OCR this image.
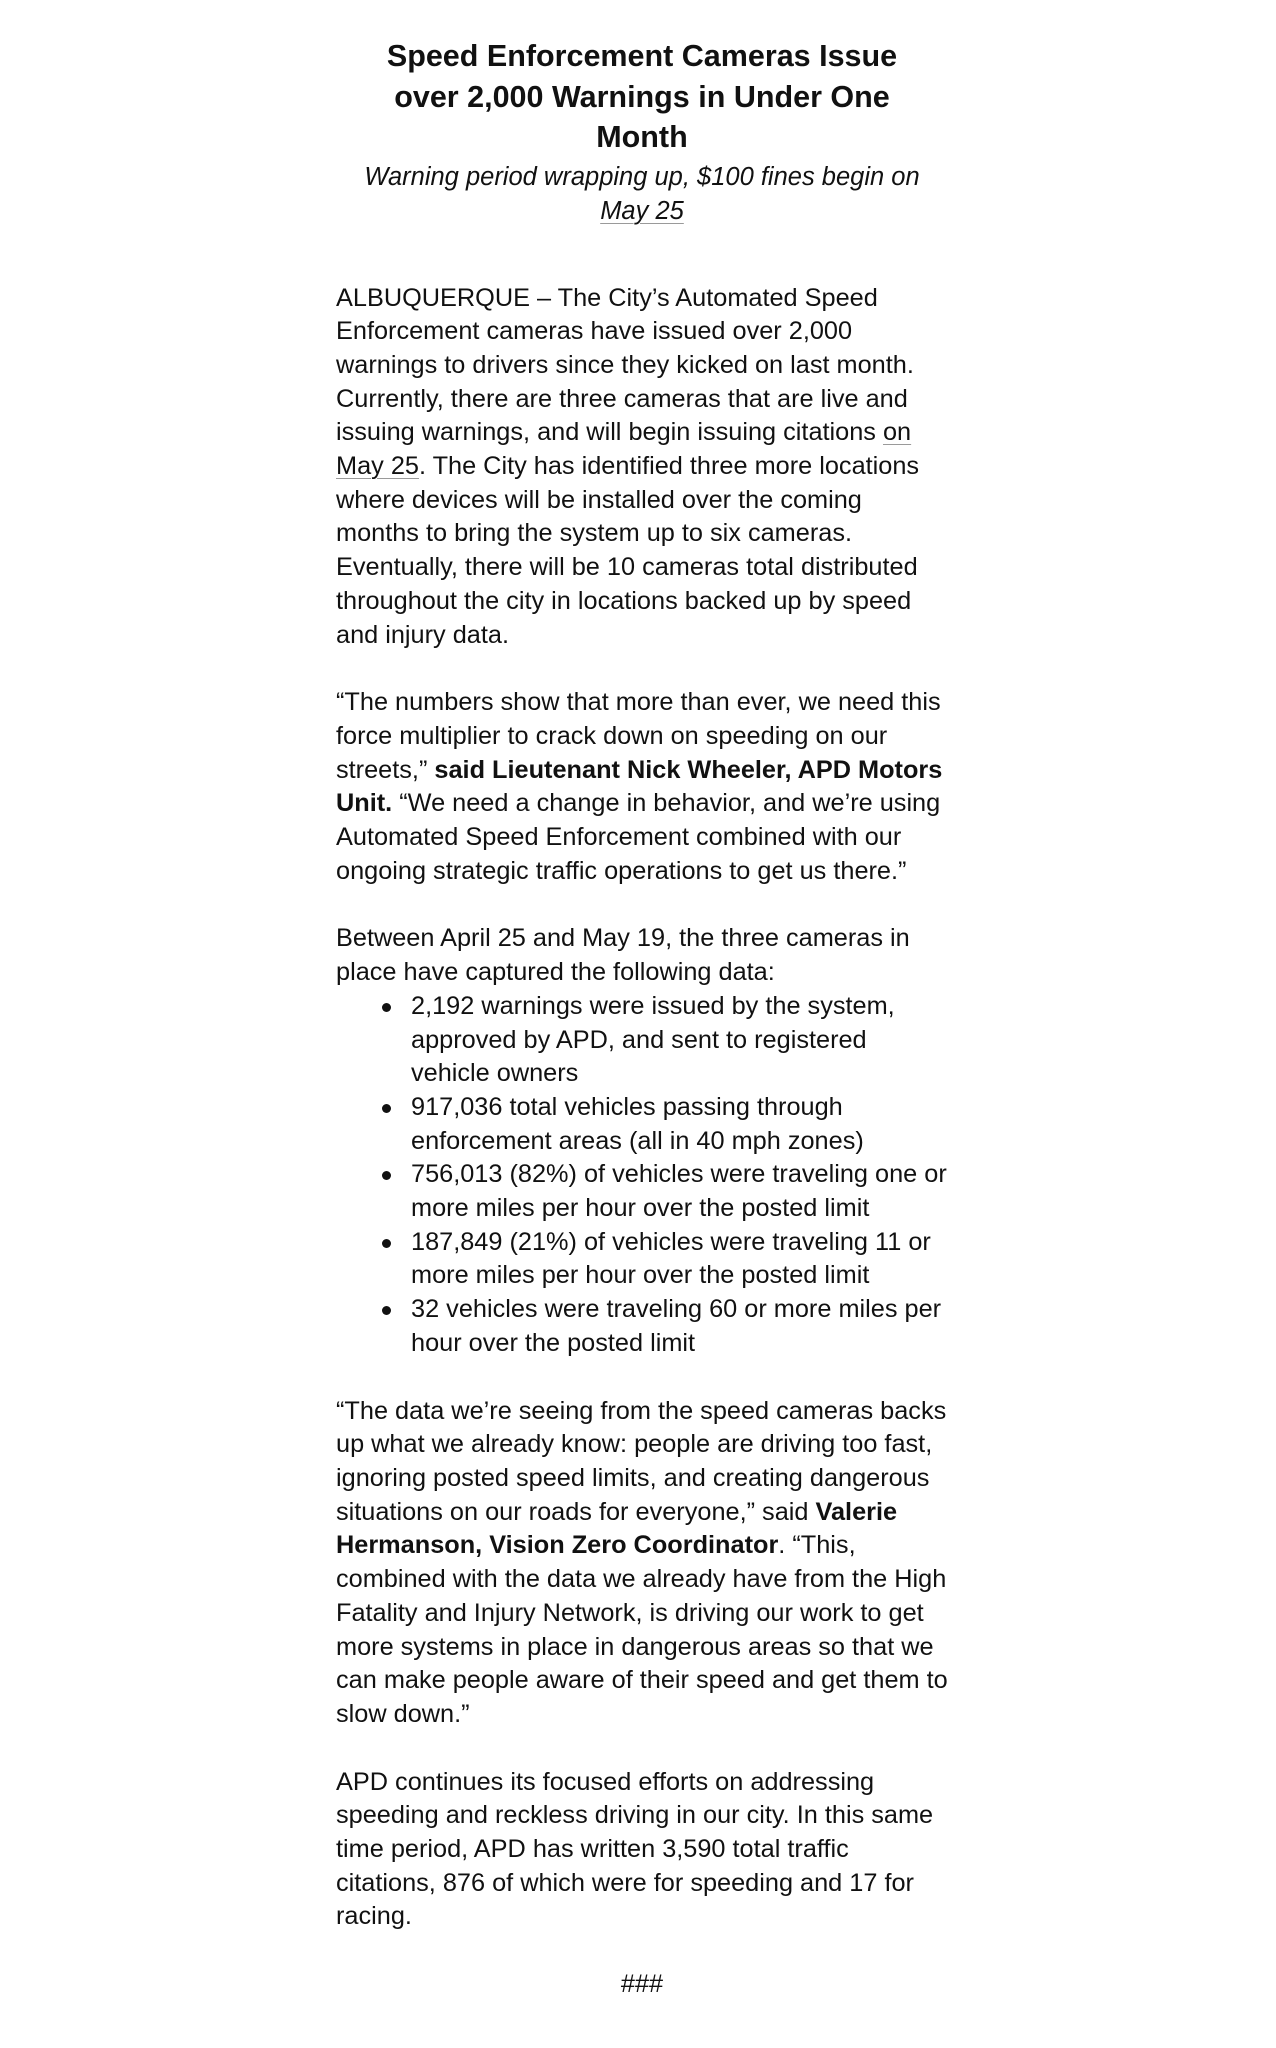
Speed Enforcement Cameras Issue over 2,000 Warnings in Under One Month

Warning period wrapping up, $100 fines begin on May 25

ALBUQUERQUE – The City’s Automated Speed Enforcement cameras have issued over 2,000 warnings to drivers since they kicked on last month. Currently, there are three cameras that are live and issuing warnings, and will begin issuing citations on May 25. The City has identified three more locations where devices will be installed over the coming months to bring the system up to six cameras. Eventually, there will be 10 cameras total distributed throughout the city in locations backed up by speed and injury data.

“The numbers show that more than ever, we need this force multiplier to crack down on speeding on our streets,” said Lieutenant Nick Wheeler, APD Motors Unit. “We need a change in behavior, and we’re using Automated Speed Enforcement combined with our ongoing strategic traffic operations to get us there.”

Between April 25 and May 19, the three cameras in place have captured the following data:

2,192 warnings were issued by the system, approved by APD, and sent to registered vehicle owners
917,036 total vehicles passing through enforcement areas (all in 40 mph zones)
756,013 (82%) of vehicles were traveling one or more miles per hour over the posted limit
187,849 (21%) of vehicles were traveling 11 or more miles per hour over the posted limit
32 vehicles were traveling 60 or more miles per hour over the posted limit

“The data we’re seeing from the speed cameras backs up what we already know: people are driving too fast, ignoring posted speed limits, and creating dangerous situations on our roads for everyone,” said Valerie Hermanson, Vision Zero Coordinator. “This, combined with the data we already have from the High Fatality and Injury Network, is driving our work to get more systems in place in dangerous areas so that we can make people aware of their speed and get them to slow down.”

APD continues its focused efforts on addressing speeding and reckless driving in our city. In this same time period, APD has written 3,590 total traffic citations, 876 of which were for speeding and 17 for racing.

###
